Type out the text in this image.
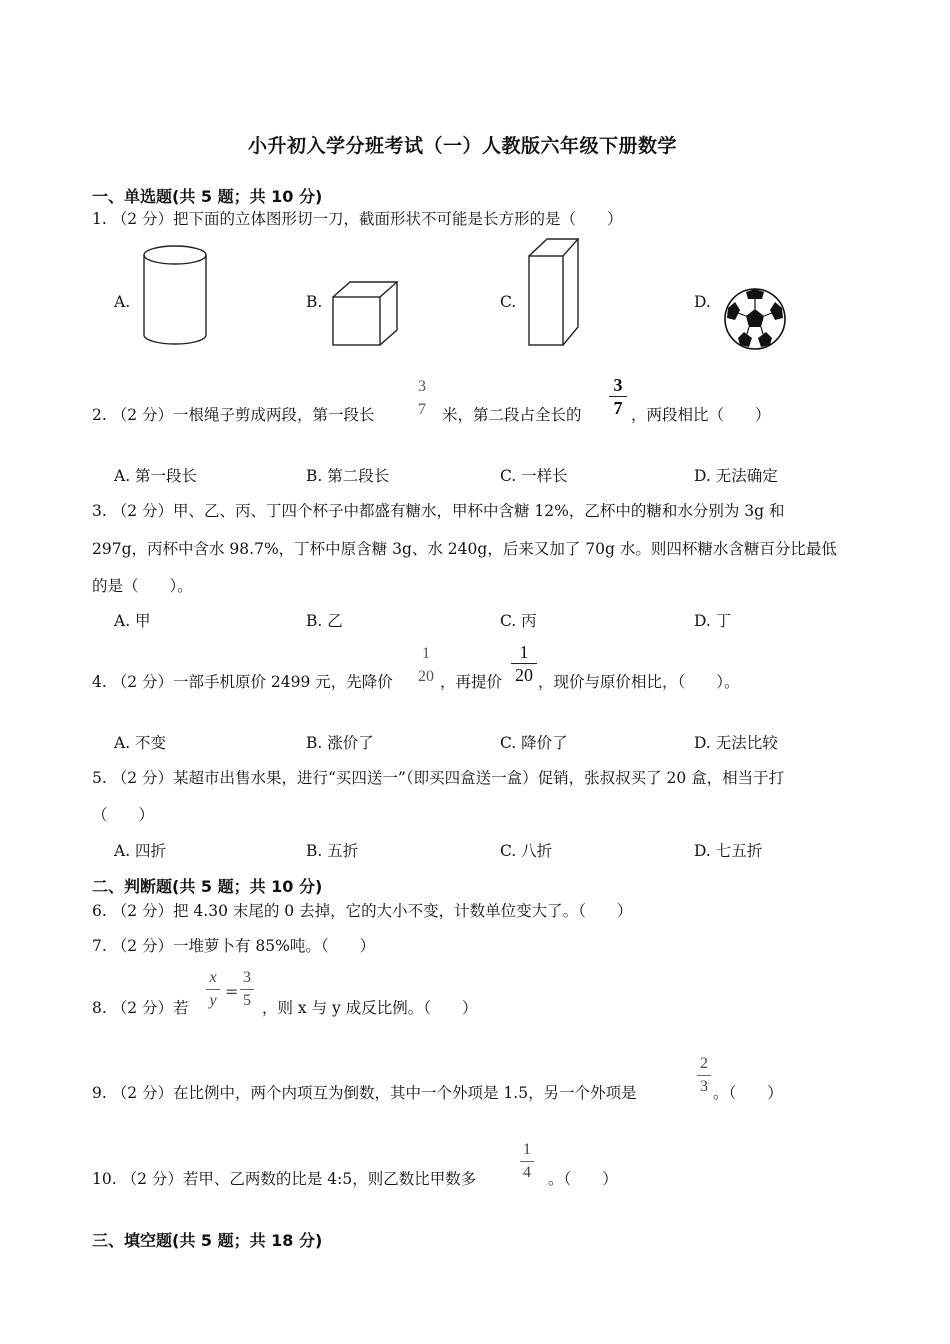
小升初入学分班考试（一）人教版六年级下册数学
一、单选题(共 5 题；共 10 分)
1. （2 分）把下面的立体图形切一刀，截面形状不可能是长方形的是（　　）
A.	B.	C.	D.
2. （2 分）一根绳子剪成两段，第一段长
3
7 米，第二段占全长的
3
7 ，两段相比（　　）
A. 第一段长	B. 第二段长	C. 一样长	D. 无法确定
3. （2 分）甲、乙、丙、丁四个杯子中都盛有糖水，甲杯中含糖 12%，乙杯中的糖和水分别为 3g 和
297g，丙杯中含水 98.7%，丁杯中原含糖 3g、水 240g，后来又加了 70g 水。则四杯糖水含糖百分比最低
的是（　　）。
A. 甲	B. 乙	C. 丙	D. 丁
4. （2 分）一部手机原价 2499 元，先降价
1
20 ，再提价
1
20 ，现价与原价相比，（　　）。
A. 不变	B. 涨价了	C. 降价了	D. 无法比较
5. （2 分）某超市出售水果，进行“买四送一”（即买四盒送一盒）促销，张叔叔买了 20 盒，相当于打
（　　）
A. 四折	B. 五折	C. 八折	D. 七五折
二、判断题(共 5 题；共 10 分)
6. （2 分）把 4.30 末尾的 0 去掉，它的大小不变，计数单位变大了。（　　）
7. （2 分）一堆萝卜有 85%吨。（　　）
8. （2 分）若
x
y =
3
5 ，则 x 与 y 成反比例。（　　）
9. （2 分）在比例中，两个内项互为倒数，其中一个外项是 1.5，另一个外项是
2
3 。（　　）
10. （2 分）若甲、乙两数的比是 4:5，则乙数比甲数多
1
4 。（　　）
三、填空题(共 5 题；共 18 分)
